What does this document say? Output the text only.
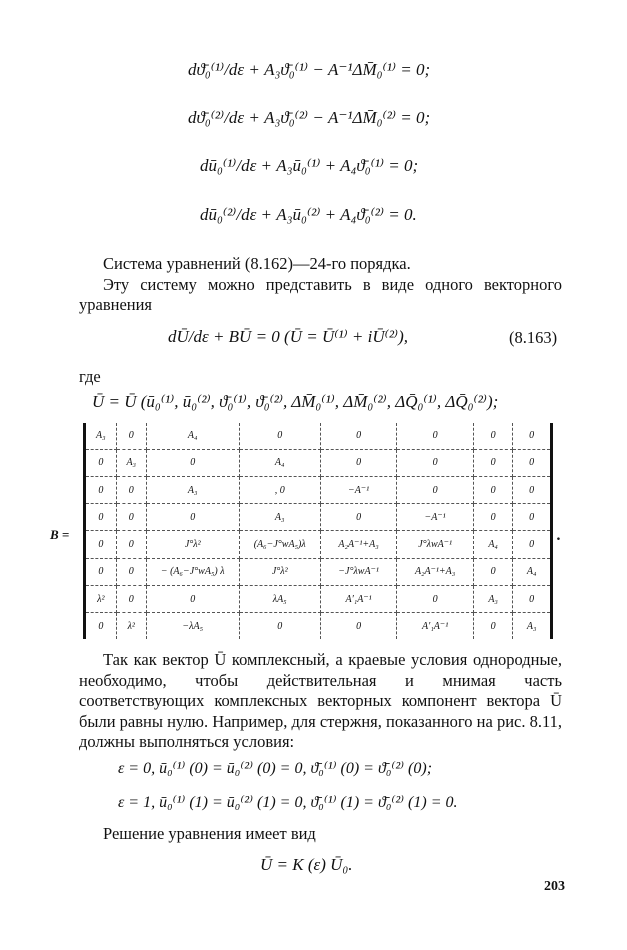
dϑ̄₀⁽¹⁾/dε + A₃ϑ̄₀⁽¹⁾ − A⁻¹ΔM̄₀⁽¹⁾ = 0;
dϑ̄₀⁽²⁾/dε + A₃ϑ̄₀⁽²⁾ − A⁻¹ΔM̄₀⁽²⁾ = 0;
dū₀⁽¹⁾/dε + A₃ū₀⁽¹⁾ + A₄ϑ̄₀⁽¹⁾ = 0;
dū₀⁽²⁾/dε + A₃ū₀⁽²⁾ + A₄ϑ̄₀⁽²⁾ = 0.

Система уравнений (8.162)—24-го порядка.

Эту систему можно представить в виде одного векторного уравнения

dŪ/dε + BŪ = 0 (Ū = Ū⁽¹⁾ + iŪ⁽²⁾),	(8.163)
где
Ū = Ū (ū₀⁽¹⁾, ū₀⁽²⁾, ϑ̄₀⁽¹⁾, ϑ̄₀⁽²⁾, ΔM̄₀⁽¹⁾, ΔM̄₀⁽²⁾, ΔQ̄₀⁽¹⁾, ΔQ̄₀⁽²⁾);
B =
A₃	0	A₄	0	0	0	0	0
0	A₃	0	A₄	0	0	0	0
0	0	A₃	, 0	−A⁻¹	0	0	0
0	0	0	A₃	0	−A⁻¹	0	0
0	0	J°λ²	(A₆−J°wA₅)λ	A₂A⁻¹+A₃	J°λwA⁻¹	A₄	0
0	0	− (A₆−J°wA₅) λ	J°λ²	−J°λwA⁻¹	A₂A⁻¹+A₃	0	A₄
λ²	0	0	λA₅	A′₁A⁻¹	0	A₃	0
0	λ²	−λA₅	0	0	A′₁A⁻¹	0	A₃
.

Так как вектор Ū комплексный, а краевые условия однородные, необходимо, чтобы действительная и мнимая часть соответствующих комплексных векторных компонент вектора Ū были равны нулю. Например, для стержня, показанного на рис. 8.11, должны выполняться условия:

ε = 0, ū₀⁽¹⁾ (0) = ū₀⁽²⁾ (0) = 0, ϑ̄₀⁽¹⁾ (0) = ϑ̄₀⁽²⁾ (0);
ε = 1, ū₀⁽¹⁾ (1) = ū₀⁽²⁾ (1) = 0, ϑ̄₀⁽¹⁾ (1) = ϑ̄₀⁽²⁾ (1) = 0.

Решение уравнения имеет вид

Ū = K (ε) Ū₀.
203
